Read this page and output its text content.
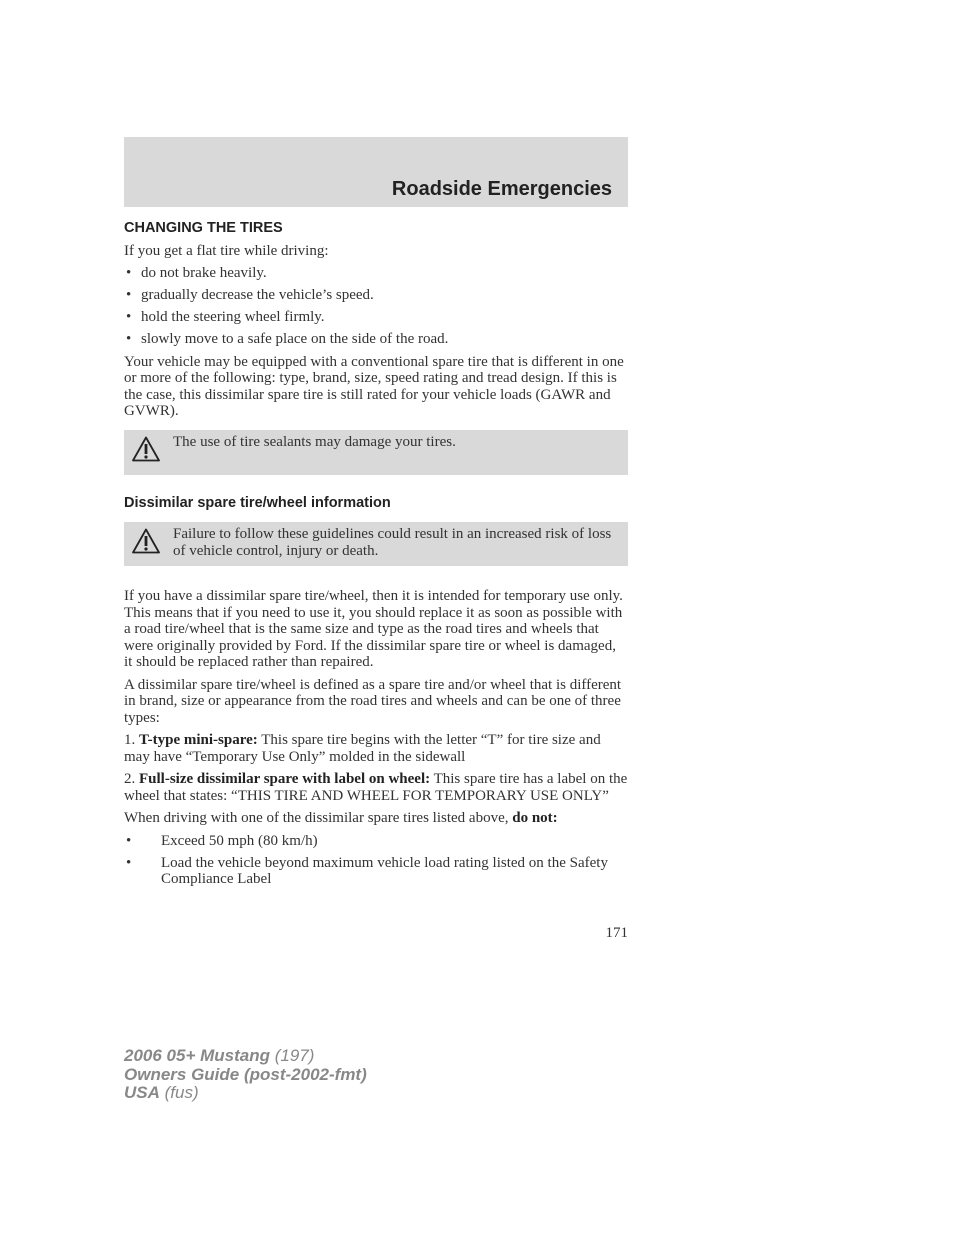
Roadside Emergencies
CHANGING THE TIRES

If you get a flat tire while driving:

• do not brake heavily.
• gradually decrease the vehicle’s speed.
• hold the steering wheel firmly.
• slowly move to a safe place on the side of the road.

Your vehicle may be equipped with a conventional spare tire that is different in one or more of the following: type, brand, size, speed rating and tread design. If this is the case, this dissimilar spare tire is still rated for your vehicle loads (GAWR and GVWR).

The use of tire sealants may damage your tires.
Dissimilar spare tire/wheel information
Failure to follow these guidelines could result in an increased risk of loss of vehicle control, injury or death.

If you have a dissimilar spare tire/wheel, then it is intended for temporary use only. This means that if you need to use it, you should replace it as soon as possible with a road tire/wheel that is the same size and type as the road tires and wheels that were originally provided by Ford. If the dissimilar spare tire or wheel is damaged, it should be replaced rather than repaired.

A dissimilar spare tire/wheel is defined as a spare tire and/or wheel that is different in brand, size or appearance from the road tires and wheels and can be one of three types:

1. T-type mini-spare: This spare tire begins with the letter “T” for tire size and may have “Temporary Use Only” molded in the sidewall

2. Full-size dissimilar spare with label on wheel: This spare tire has a label on the wheel that states: “THIS TIRE AND WHEEL FOR TEMPORARY USE ONLY”

When driving with one of the dissimilar spare tires listed above, do not:

• Exceed 50 mph (80 km/h)
• Load the vehicle beyond maximum vehicle load rating listed on the Safety Compliance Label
171
2006 05+ Mustang (197)
Owners Guide (post-2002-fmt)
USA (fus)
